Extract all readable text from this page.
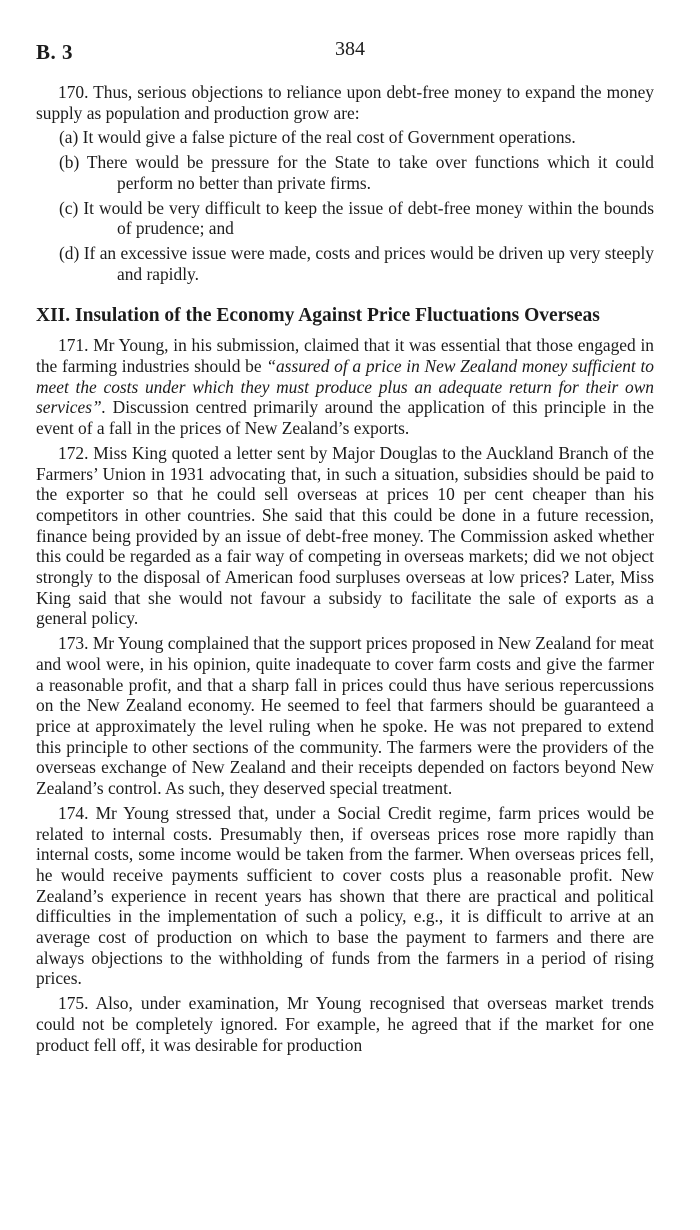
B. 3	384

170. Thus, serious objections to reliance upon debt-free money to expand the money supply as population and production grow are:

(a) It would give a false picture of the real cost of Government operations.
(b) There would be pressure for the State to take over functions which it could perform no better than private firms.
(c) It would be very difficult to keep the issue of debt-free money within the bounds of prudence; and
(d) If an excessive issue were made, costs and prices would be driven up very steeply and rapidly.
XII. Insulation of the Economy Against Price Fluctuations Overseas

171. Mr Young, in his submission, claimed that it was essential that those engaged in the farming industries should be “assured of a price in New Zealand money sufficient to meet the costs under which they must produce plus an adequate return for their own services”. Discussion centred primarily around the application of this principle in the event of a fall in the prices of New Zealand’s exports.

172. Miss King quoted a letter sent by Major Douglas to the Auckland Branch of the Farmers’ Union in 1931 advocating that, in such a situation, subsidies should be paid to the exporter so that he could sell overseas at prices 10 per cent cheaper than his competitors in other countries. She said that this could be done in a future recession, finance being provided by an issue of debt-free money. The Commission asked whether this could be regarded as a fair way of competing in overseas markets; did we not object strongly to the disposal of American food surpluses overseas at low prices? Later, Miss King said that she would not favour a subsidy to facilitate the sale of exports as a general policy.

173. Mr Young complained that the support prices proposed in New Zealand for meat and wool were, in his opinion, quite inadequate to cover farm costs and give the farmer a reasonable profit, and that a sharp fall in prices could thus have serious repercussions on the New Zealand economy. He seemed to feel that farmers should be guaranteed a price at approximately the level ruling when he spoke. He was not prepared to extend this principle to other sections of the community. The farmers were the providers of the overseas exchange of New Zealand and their receipts depended on factors beyond New Zealand’s control. As such, they deserved special treatment.

174. Mr Young stressed that, under a Social Credit regime, farm prices would be related to internal costs. Presumably then, if overseas prices rose more rapidly than internal costs, some income would be taken from the farmer. When overseas prices fell, he would receive payments sufficient to cover costs plus a reasonable profit. New Zealand’s experience in recent years has shown that there are practical and political difficulties in the implementation of such a policy, e.g., it is difficult to arrive at an average cost of production on which to base the payment to farmers and there are always objections to the withholding of funds from the farmers in a period of rising prices.

175. Also, under examination, Mr Young recognised that overseas market trends could not be completely ignored. For example, he agreed that if the market for one product fell off, it was desirable for production
